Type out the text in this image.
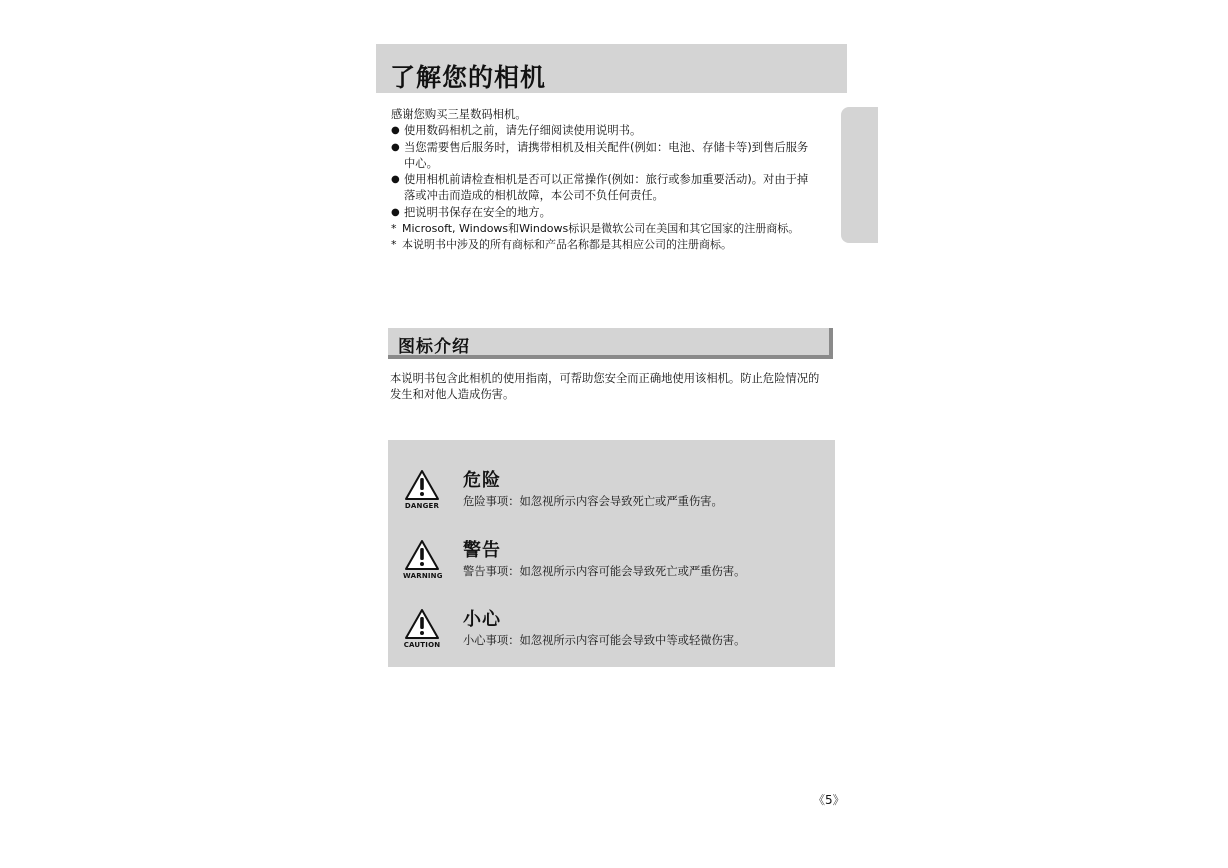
了解您的相机
感谢您购买三星数码相机。
● 使用数码相机之前，请先仔细阅读使用说明书。
● 当您需要售后服务时，请携带相机及相关配件(例如：电池、存储卡等)到售后服务
中心。
● 使用相机前请检查相机是否可以正常操作(例如：旅行或参加重要活动)。对由于掉
落或冲击而造成的相机故障，本公司不负任何责任。
● 把说明书保存在安全的地方。
* Microsoft, Windows和Windows标识是微软公司在美国和其它国家的注册商标。
* 本说明书中涉及的所有商标和产品名称都是其相应公司的注册商标。
图标介绍
本说明书包含此相机的使用指南，可帮助您安全而正确地使用该相机。防止危险情况的
发生和对他人造成伤害。
DANGER
危险
危险事项：如忽视所示内容会导致死亡或严重伤害。
WARNING
警告
警告事项：如忽视所示内容可能会导致死亡或严重伤害。
CAUTION
小心
小心事项：如忽视所示内容可能会导致中等或轻微伤害。
《5》
